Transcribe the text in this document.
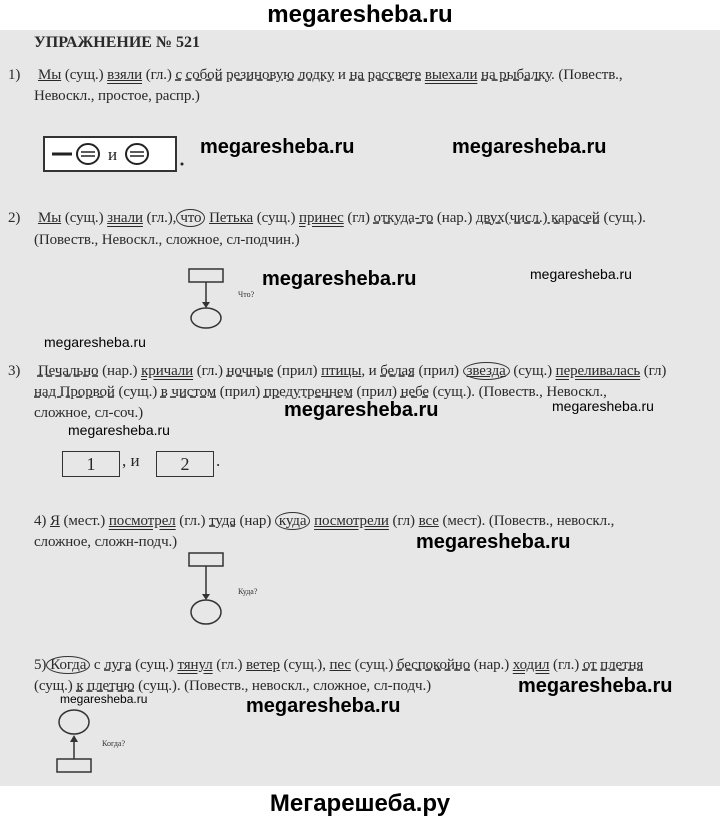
megaresheba.ru
УПРАЖНЕНИЕ № 521
1) Мы (сущ.) взяли (гл.) с собой резиновую лодку и на рассвете выехали на рыбалку. (Повеств.,
Невоскл., простое, распр.)
и
2) Мы (сущ.) знали (гл.), что Петька (сущ.) принес (гл) откуда-то (нар.) двух(числ.) карасей (сущ.).
(Повеств., Невоскл., сложное, сл-подчин.)
Что?
3) Печально (нар.) кричали (гл.) ночные (прил) птицы, и белая (прил) звезда (сущ.) переливалась (гл)
над Прорвой (сущ.) в чистом (прил) предутреннем (прил) небе (сущ.). (Повеств., Невоскл.,
сложное, сл-соч.)
1	, и	2	.
4) Я (мест.) посмотрел (гл.) туда (нар) куда посмотрели (гл) все (мест). (Повеств., невоскл.,
сложное, сложн-подч.)
Куда?
5) Когда с луга (сущ.) тянул (гл.) ветер (сущ.), пес (сущ.) беспокойно (нар.) ходил (гл.) от плетня
(сущ.) к плетню (сущ.). (Повеств., невоскл., сложное, сл-подч.)
Когда?
megaresheba.ru	megaresheba.ru
megaresheba.ru	megaresheba.ru
megaresheba.ru
megaresheba.ru	megaresheba.ru
megaresheba.ru
megaresheba.ru
megaresheba.ru
megaresheba.ru	megaresheba.ru
Мегарешеба.ру
